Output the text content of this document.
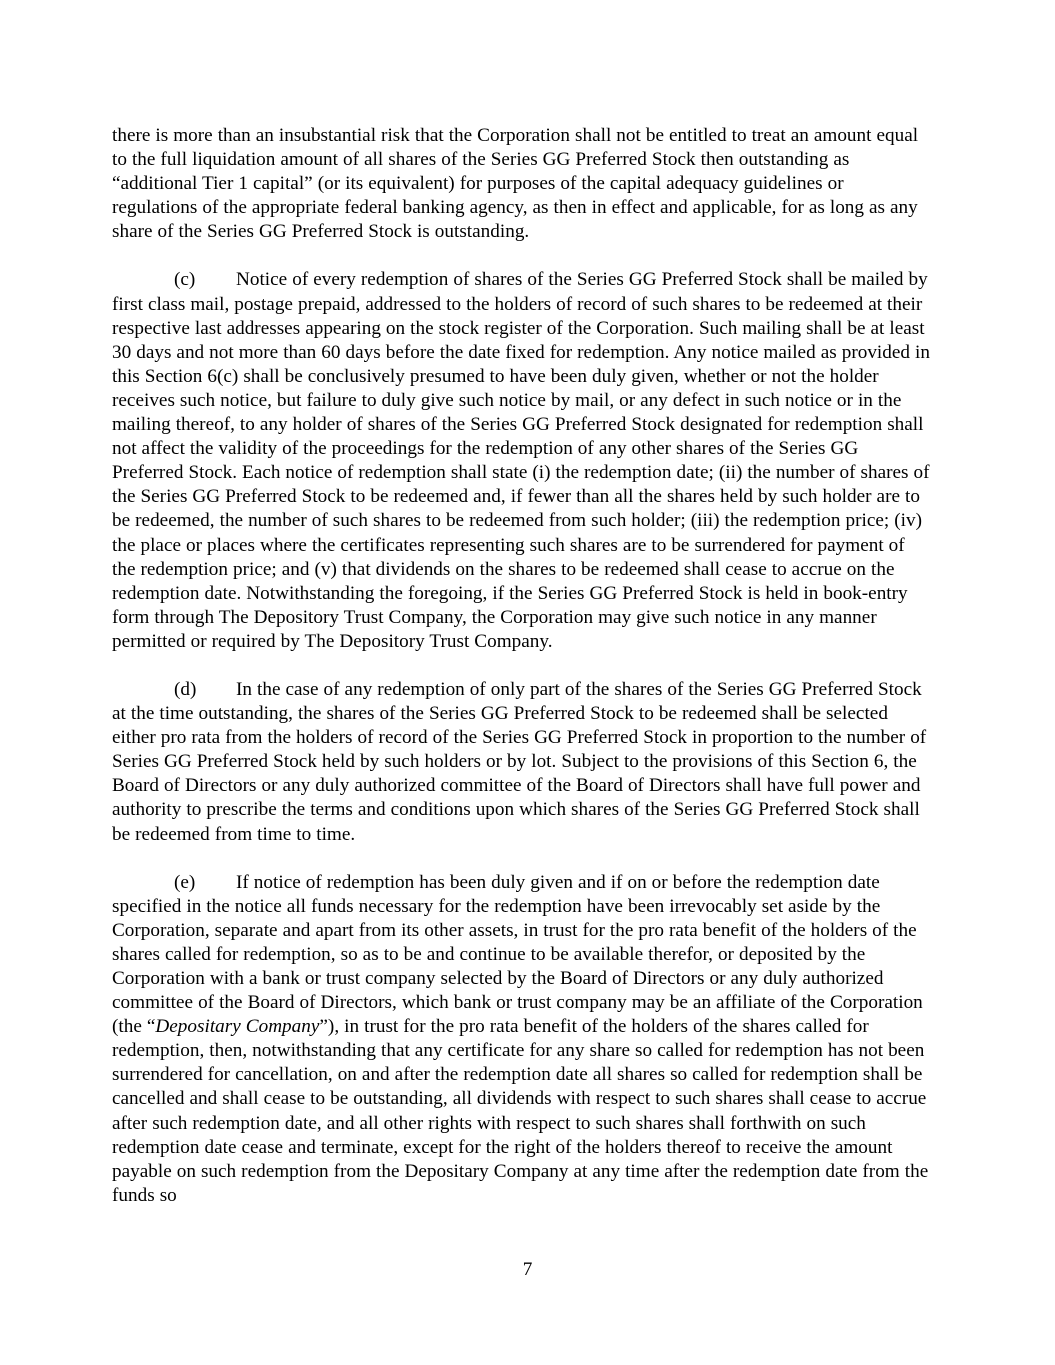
there is more than an insubstantial risk that the Corporation shall not be entitled to treat an amount equal to the full liquidation amount of all shares of the Series GG Preferred Stock then outstanding as “additional Tier 1 capital” (or its equivalent) for purposes of the capital adequacy guidelines or regulations of the appropriate federal banking agency, as then in effect and applicable, for as long as any share of the Series GG Preferred Stock is outstanding.

(c) Notice of every redemption of shares of the Series GG Preferred Stock shall be mailed by first class mail, postage prepaid, addressed to the holders of record of such shares to be redeemed at their respective last addresses appearing on the stock register of the Corporation. Such mailing shall be at least 30 days and not more than 60 days before the date fixed for redemption. Any notice mailed as provided in this Section 6(c) shall be conclusively presumed to have been duly given, whether or not the holder receives such notice, but failure to duly give such notice by mail, or any defect in such notice or in the mailing thereof, to any holder of shares of the Series GG Preferred Stock designated for redemption shall not affect the validity of the proceedings for the redemption of any other shares of the Series GG Preferred Stock. Each notice of redemption shall state (i) the redemption date; (ii) the number of shares of the Series GG Preferred Stock to be redeemed and, if fewer than all the shares held by such holder are to be redeemed, the number of such shares to be redeemed from such holder; (iii) the redemption price; (iv) the place or places where the certificates representing such shares are to be surrendered for payment of the redemption price; and (v) that dividends on the shares to be redeemed shall cease to accrue on the redemption date. Notwithstanding the foregoing, if the Series GG Preferred Stock is held in book-entry form through The Depository Trust Company, the Corporation may give such notice in any manner permitted or required by The Depository Trust Company.

(d) In the case of any redemption of only part of the shares of the Series GG Preferred Stock at the time outstanding, the shares of the Series GG Preferred Stock to be redeemed shall be selected either pro rata from the holders of record of the Series GG Preferred Stock in proportion to the number of Series GG Preferred Stock held by such holders or by lot. Subject to the provisions of this Section 6, the Board of Directors or any duly authorized committee of the Board of Directors shall have full power and authority to prescribe the terms and conditions upon which shares of the Series GG Preferred Stock shall be redeemed from time to time.

(e) If notice of redemption has been duly given and if on or before the redemption date specified in the notice all funds necessary for the redemption have been irrevocably set aside by the Corporation, separate and apart from its other assets, in trust for the pro rata benefit of the holders of the shares called for redemption, so as to be and continue to be available therefor, or deposited by the Corporation with a bank or trust company selected by the Board of Directors or any duly authorized committee of the Board of Directors, which bank or trust company may be an affiliate of the Corporation (the “Depositary Company”), in trust for the pro rata benefit of the holders of the shares called for redemption, then, notwithstanding that any certificate for any share so called for redemption has not been surrendered for cancellation, on and after the redemption date all shares so called for redemption shall be cancelled and shall cease to be outstanding, all dividends with respect to such shares shall cease to accrue after such redemption date, and all other rights with respect to such shares shall forthwith on such redemption date cease and terminate, except for the right of the holders thereof to receive the amount payable on such redemption from the Depositary Company at any time after the redemption date from the funds so

7
